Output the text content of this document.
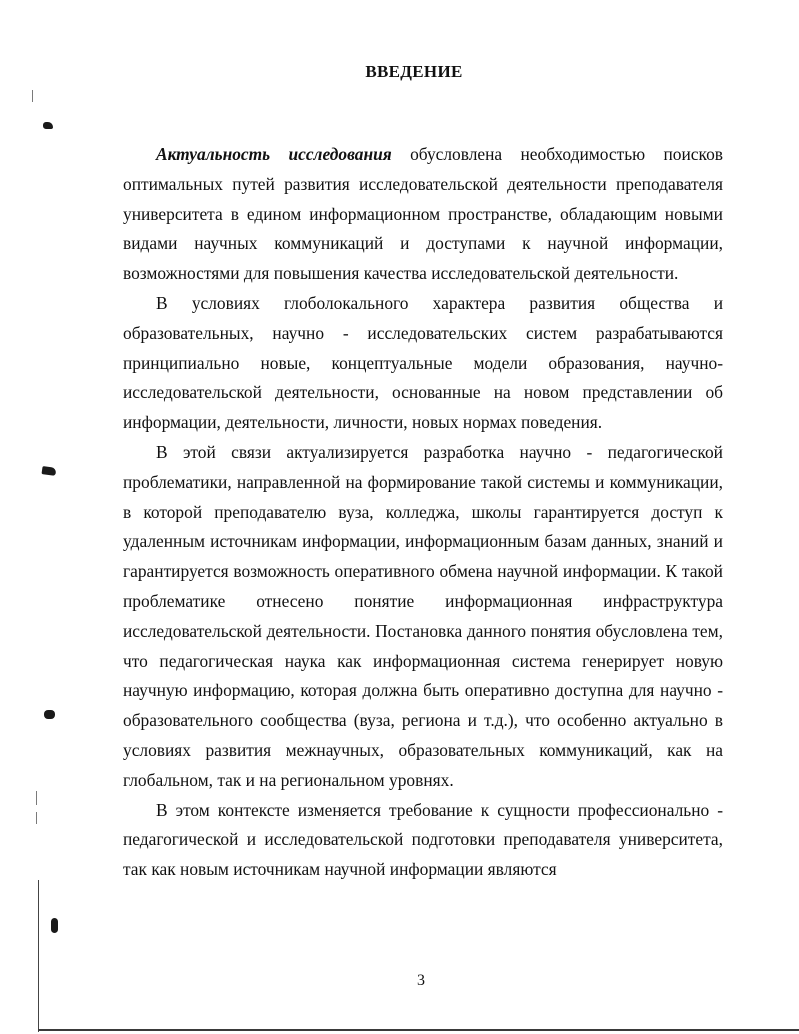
ВВЕДЕНИЕ

Актуальность исследования обусловлена необходимостью поисков оптимальных путей развития исследовательской деятельности преподавателя университета в едином информационном пространстве, обладающим новыми видами научных коммуникаций и доступами к научной информации, возможностями для повышения качества исследовательской деятельности.

В условиях глоболокального характера развития общества и образовательных, научно - исследовательских систем разрабатываются принципиально новые, концептуальные модели образования, научно-исследовательской деятельности, основанные на новом представлении об информации, деятельности, личности, новых нормах поведения.

В этой связи актуализируется разработка научно - педагогической проблематики, направленной на формирование такой системы и коммуникации, в которой преподавателю вуза, колледжа, школы гарантируется доступ к удаленным источникам информации, информационным базам данных, знаний и гарантируется возможность оперативного обмена научной информации. К такой проблематике отнесено понятие информационная инфраструктура исследовательской деятельности. Постановка данного понятия обусловлена тем, что педагогическая наука как информационная система генерирует новую научную информацию, которая должна быть оперативно доступна для научно - образовательного сообщества (вуза, региона и т.д.), что особенно актуально в условиях развития межнаучных, образовательных коммуникаций, как на глобальном, так и на региональном уровнях.

В этом контексте изменяется требование к сущности профессионально - педагогической и исследовательской подготовки преподавателя университета, так как новым источникам научной информации являются

3
